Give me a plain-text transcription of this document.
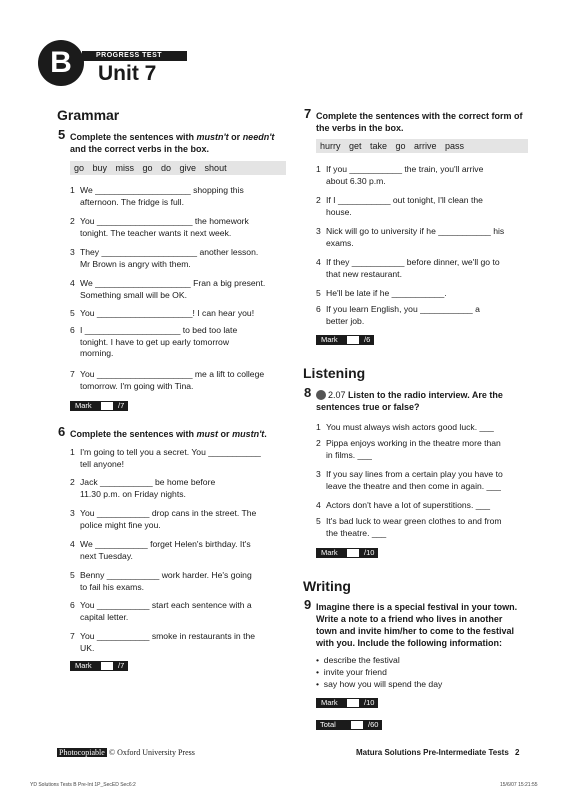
B	PROGRESS TEST
Unit 7
Grammar
5 Complete the sentences with mustn't or needn't
and the correct verbs in the box.
go buy miss go do give shout
1 We ____________________ shopping this
afternoon. The fridge is full.
2 You ____________________ the homework
tonight. The teacher wants it next week.
3 They ____________________ another lesson.
Mr Brown is angry with them.
4 We ____________________ Fran a big present.
Something small will be OK.
5 You ____________________! I can hear you!
6 I ____________________ to bed too late
tonight. I have to get up early tomorrow
morning.
7 You ____________________ me a lift to college
tomorrow. I'm going with Tina.
Mark	/7
6 Complete the sentences with must or mustn't.
1 I'm going to tell you a secret. You ___________
tell anyone!
2 Jack ___________ be home before
11.30 p.m. on Friday nights.
3 You ___________ drop cans in the street. The
police might fine you.
4 We ___________ forget Helen's birthday. It's
next Tuesday.
5 Benny ___________ work harder. He's going
to fail his exams.
6 You ___________ start each sentence with a
capital letter.
7 You ___________ smoke in restaurants in the
UK.
Mark	/7
7 Complete the sentences with the correct form of
the verbs in the box.
hurry get take go arrive pass
1 If you ___________ the train, you'll arrive
about 6.30 p.m.
2 If I ___________ out tonight, I'll clean the
house.
3 Nick will go to university if he ___________ his
exams.
4 If they ___________ before dinner, we'll go to
that new restaurant.
5 He'll be late if he ___________.
6 If you learn English, you ___________ a
better job.
Mark	/6
Listening
8 2.07 Listen to the radio interview. Are the
sentences true or false?
1 You must always wish actors good luck. ___
2 Pippa enjoys working in the theatre more than
in films. ___
3 If you say lines from a certain play you have to
leave the theatre and then come in again. ___
4 Actors don't have a lot of superstitions. ___
5 It's bad luck to wear green clothes to and from
the theatre. ___
Mark	/10
Writing
9 Imagine there is a special festival in your town.
Write a note to a friend who lives in another
town and invite him/her to come to the festival
with you. Include the following information:
•  describe the festival
•  invite your friend
•  say how you will spend the day
Mark	/10
Total	/60
Photocopiable © Oxford University Press	Matura Solutions Pre-Intermediate Tests 2
YD Solutions Tests B Pre-Int 1P_SecED Sec6:2	15/6/07 15:21:55
